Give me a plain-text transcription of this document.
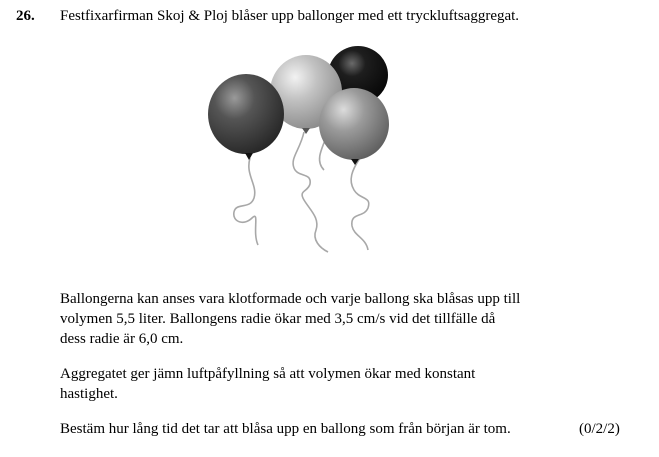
26. Festfixarfirman Skoj & Ploj blåser upp ballonger med ett tryckluftsaggregat.
Ballongerna kan anses vara klotformade och varje ballong ska blåsas upp till
volymen 5,5 liter. Ballongens radie ökar med 3,5 cm/s vid det tillfälle då
dess radie är 6,0 cm.
Aggregatet ger jämn luftpåfyllning så att volymen ökar med konstant
hastighet.
Bestäm hur lång tid det tar att blåsa upp en ballong som från början är tom.	(0/2/2)
